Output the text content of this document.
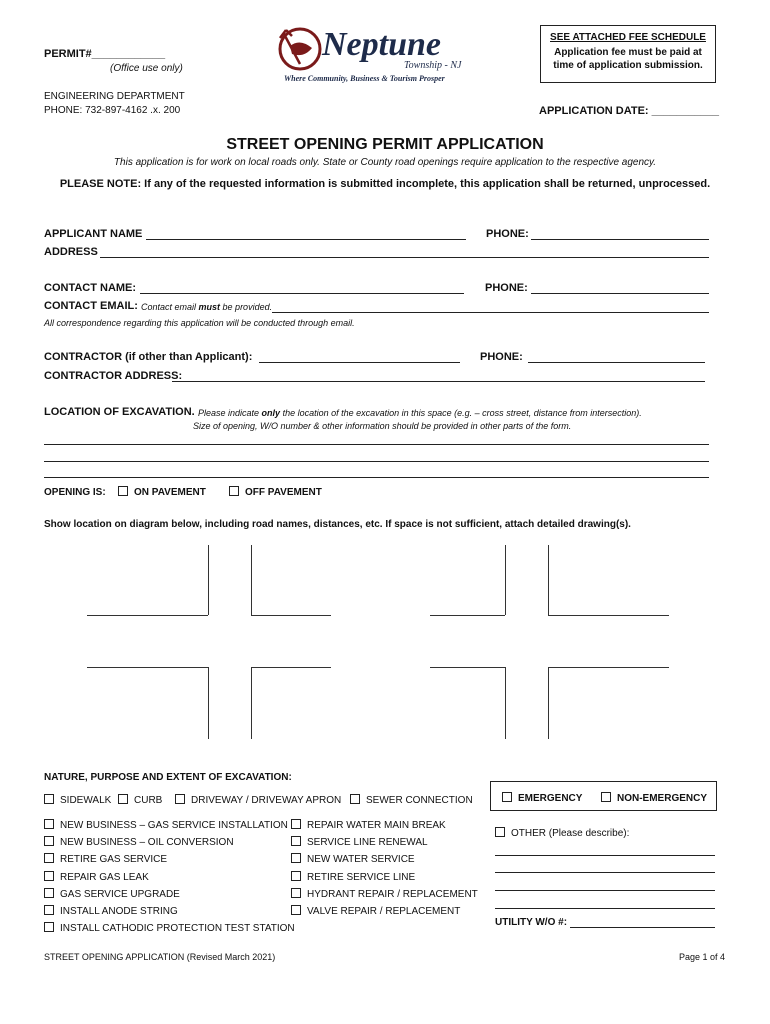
PERMIT#____________
(Office use only)
ENGINEERING DEPARTMENT
PHONE: 732-897-4162 .x. 200
Neptune
Township - NJ
Where Community, Business & Tourism Prosper
SEE ATTACHED FEE SCHEDULE
Application fee must be paid at
time of application submission.
APPLICATION DATE: ___________
STREET OPENING PERMIT APPLICATION
This application is for work on local roads only. State or County road openings require application to the respective agency.
PLEASE NOTE: If any of the requested information is submitted incomplete, this application shall be returned, unprocessed.
APPLICANT NAME	PHONE:
ADDRESS
CONTACT NAME:	PHONE:
CONTACT EMAIL: Contact email must be provided.
All correspondence regarding this application will be conducted through email.
CONTRACTOR (if other than Applicant):	PHONE:
CONTRACTOR ADDRESS:
LOCATION OF EXCAVATION. Please indicate only the location of the excavation in this space (e.g. – cross street, distance from intersection).
Size of opening, W/O number & other information should be provided in other parts of the form.
OPENING IS:	ON PAVEMENT	OFF PAVEMENT
Show location on diagram below, including road names, distances, etc. If space is not sufficient, attach detailed drawing(s).
NATURE, PURPOSE AND EXTENT OF EXCAVATION:
SIDEWALK	CURB	DRIVEWAY / DRIVEWAY APRON	SEWER CONNECTION
NEW BUSINESS – GAS SERVICE INSTALLATION
NEW BUSINESS – OIL CONVERSION
RETIRE GAS SERVICE
REPAIR GAS LEAK
GAS SERVICE UPGRADE
INSTALL ANODE STRING
INSTALL CATHODIC PROTECTION TEST STATION
REPAIR WATER MAIN BREAK
SERVICE LINE RENEWAL
NEW WATER SERVICE
RETIRE SERVICE LINE
HYDRANT REPAIR / REPLACEMENT
VALVE REPAIR / REPLACEMENT
EMERGENCY	NON-EMERGENCY
OTHER (Please describe):
UTILITY W/O #:
STREET OPENING APPLICATION (Revised March 2021)	Page 1 of 4
